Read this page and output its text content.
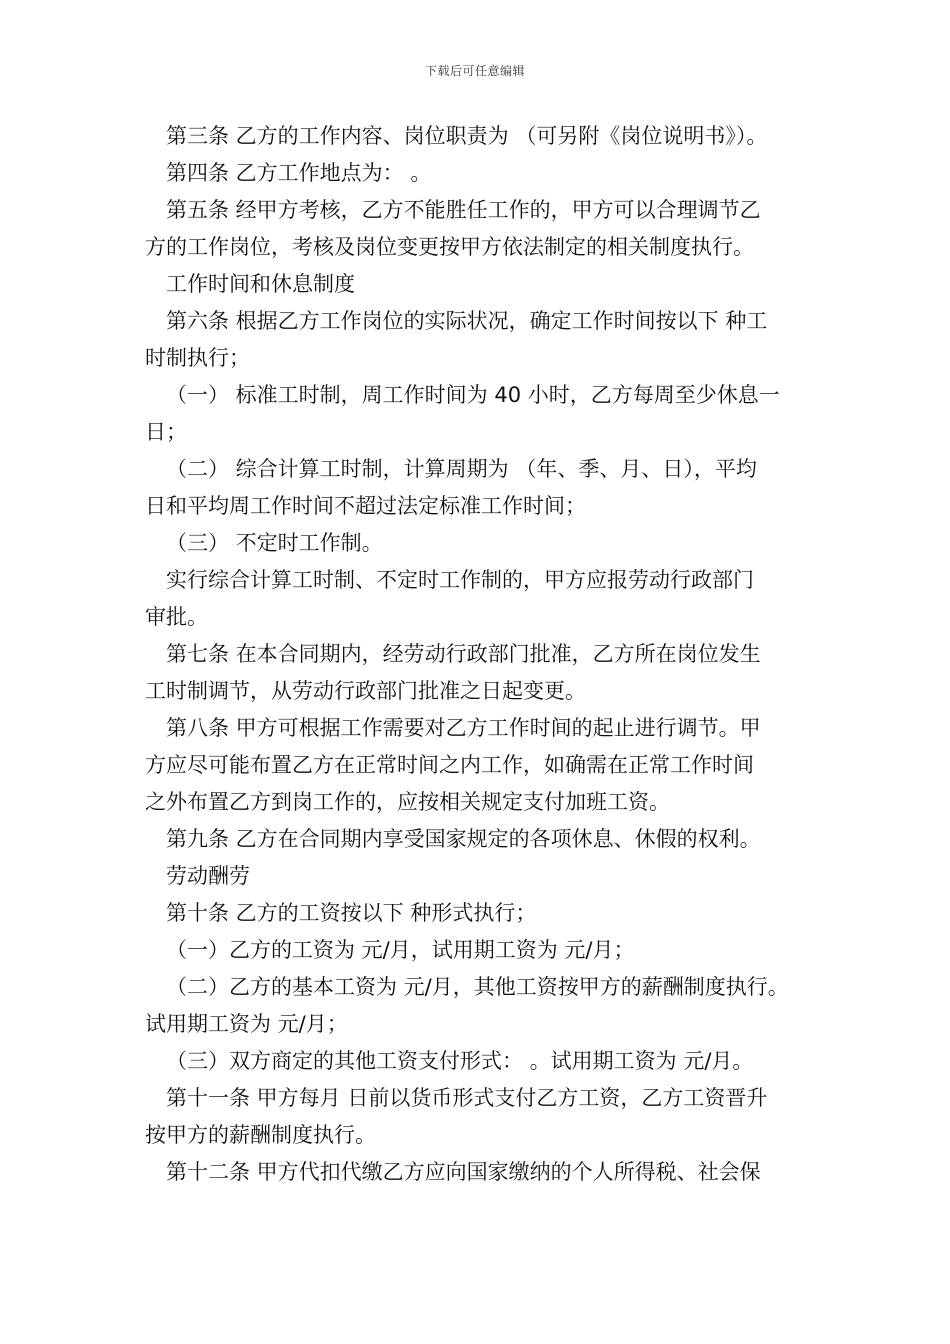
下载后可任意编辑
第三条 乙方的工作内容、岗位职责为 （可另附《岗位说明书》）。
第四条 乙方工作地点为： 。
第五条 经甲方考核，乙方不能胜任工作的，甲方可以合理调节乙
方的工作岗位，考核及岗位变更按甲方依法制定的相关制度执行。
工作时间和休息制度
第六条 根据乙方工作岗位的实际状况，确定工作时间按以下 种工
时制执行；
（一） 标准工时制，周工作时间为 40 小时，乙方每周至少休息一
日；
（二） 综合计算工时制，计算周期为 （年、季、月、日），平均
日和平均周工作时间不超过法定标准工作时间；
（三） 不定时工作制。
实行综合计算工时制、不定时工作制的，甲方应报劳动行政部门
审批。
第七条 在本合同期内，经劳动行政部门批准，乙方所在岗位发生
工时制调节，从劳动行政部门批准之日起变更。
第八条 甲方可根据工作需要对乙方工作时间的起止进行调节。甲
方应尽可能布置乙方在正常时间之内工作，如确需在正常工作时间
之外布置乙方到岗工作的，应按相关规定支付加班工资。
第九条 乙方在合同期内享受国家规定的各项休息、休假的权利。
劳动酬劳
第十条 乙方的工资按以下 种形式执行；
（一）乙方的工资为 元/月，试用期工资为 元/月；
（二）乙方的基本工资为 元/月，其他工资按甲方的薪酬制度执行。
试用期工资为 元/月；
（三）双方商定的其他工资支付形式： 。试用期工资为 元/月。
第十一条 甲方每月 日前以货币形式支付乙方工资，乙方工资晋升
按甲方的薪酬制度执行。
第十二条 甲方代扣代缴乙方应向国家缴纳的个人所得税、社会保
